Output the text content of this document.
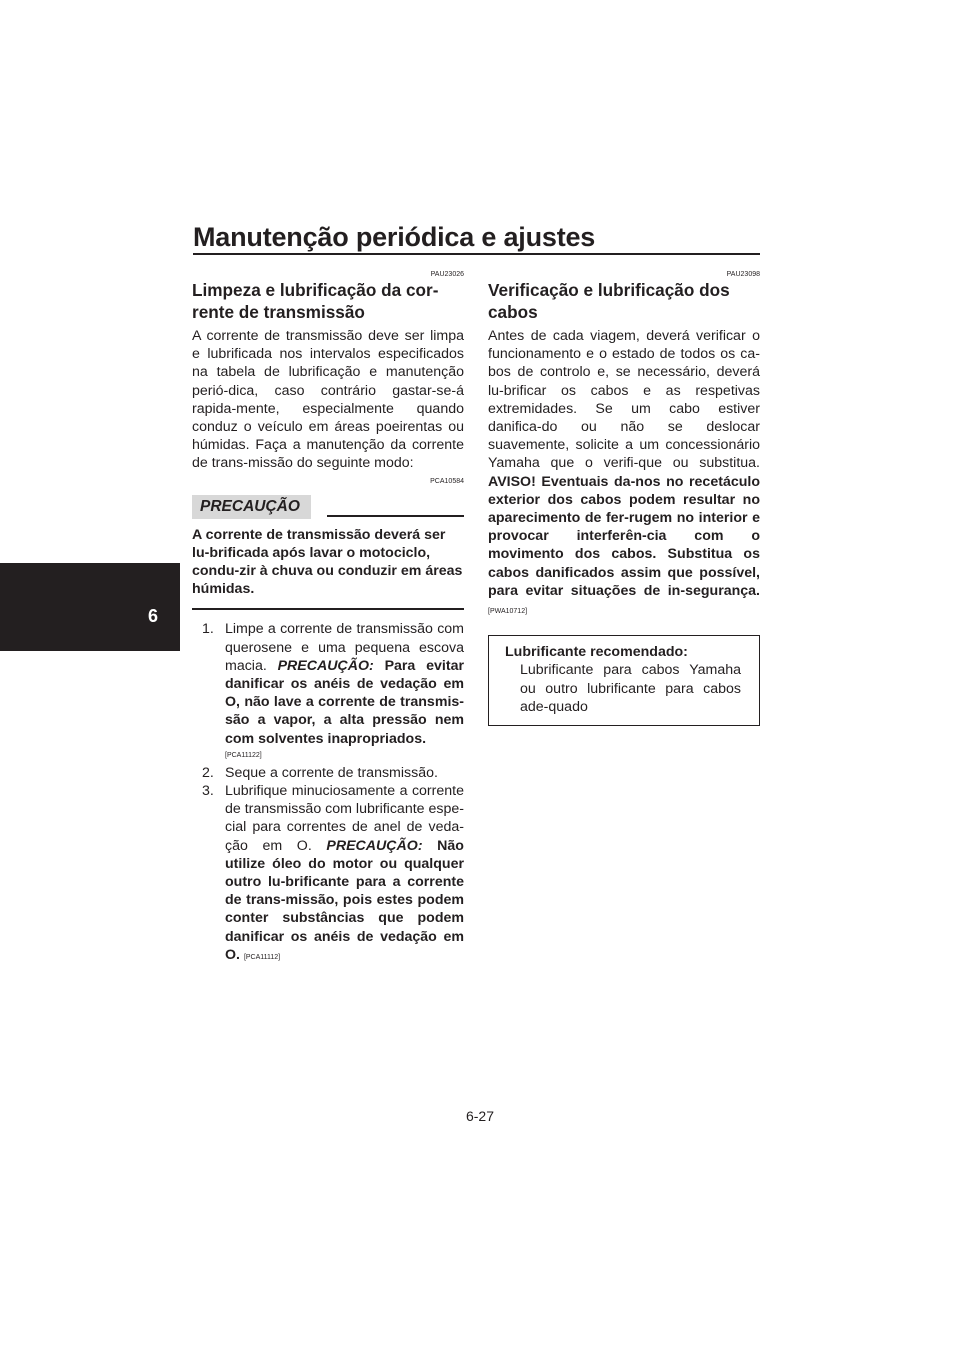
Manutenção periódica e ajustes
6

PAU23026

Limpeza e lubrificação da cor-rente de transmissão

A corrente de transmissão deve ser limpa e lubrificada nos intervalos especificados na tabela de lubrificação e manutenção perió-dica, caso contrário gastar-se-á rapida-mente, especialmente quando conduz o veículo em áreas poeirentas ou húmidas. Faça a manutenção da corrente de trans-missão do seguinte modo:

PCA10584

PRECAUÇÃO

A corrente de transmissão deverá ser lu-brificada após lavar o motociclo, condu-zir à chuva ou conduzir em áreas húmidas.

1. Limpe a corrente de transmissão com querosene e uma pequena escova macia. PRECAUÇÃO: Para evitar danificar os anéis de vedação em O, não lave a corrente de transmis-são a vapor, a alta pressão nem com solventes inapropriados.
[PCA11122]
2. Seque a corrente de transmissão.
3. Lubrifique minuciosamente a corrente de transmissão com lubrificante espe-cial para correntes de anel de veda-ção em O. PRECAUÇÃO: Não utilize óleo do motor ou qualquer outro lu-brificante para a corrente de trans-missão, pois estes podem conter substâncias que podem danificar os anéis de vedação em O. [PCA11112]

PAU23098

Verificação e lubrificação dos cabos

Antes de cada viagem, deverá verificar o funcionamento e o estado de todos os ca-bos de controlo e, se necessário, deverá lu-brificar os cabos e as respetivas extremidades. Se um cabo estiver danifica-do ou não se deslocar suavemente, solicite a um concessionário Yamaha que o verifi-que ou substitua. AVISO! Eventuais da-nos no recetáculo exterior dos cabos podem resultar no aparecimento de fer-rugem no interior e provocar interferên-cia com o movimento dos cabos. Substitua os cabos danificados assim que possível, para evitar situações de in-segurança. [PWA10712]

Lubrificante recomendado:

Lubrificante para cabos Yamaha ou outro lubrificante para cabos ade-quado

6-27
